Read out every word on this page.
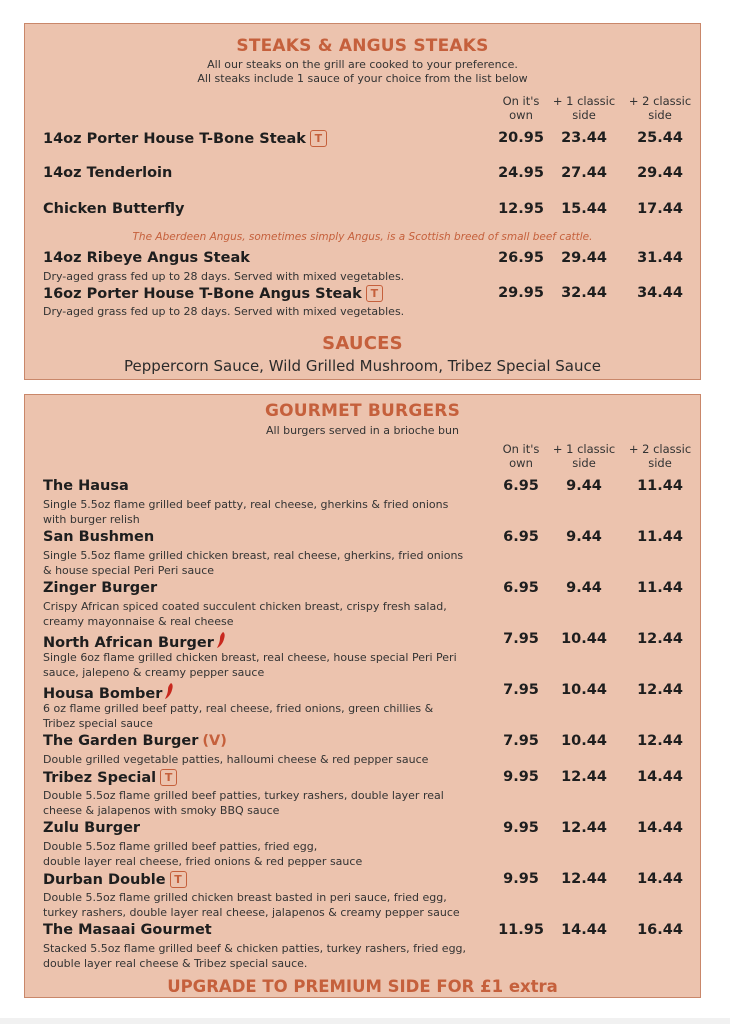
STEAKS & ANGUS STEAKS
All our steaks on the grill are cooked to your preference.
All steaks include 1 sauce of your choice from the list below
On it's
own
+ 1 classic
side
+ 2 classic
side
14oz Porter House T-Bone Steak T	20.95	23.44	25.44
14oz Tenderloin	24.95	27.44	29.44
Chicken Butterfly	12.95	15.44	17.44
The Aberdeen Angus, sometimes simply Angus, is a Scottish breed of small beef cattle.
14oz Ribeye Angus Steak
Dry-aged grass fed up to 28 days. Served with mixed vegetables.
26.95	29.44	31.44
16oz Porter House T-Bone Angus Steak T
Dry-aged grass fed up to 28 days. Served with mixed vegetables.
29.95	32.44	34.44
SAUCES
Peppercorn Sauce, Wild Grilled Mushroom, Tribez Special Sauce
GOURMET BURGERS
All burgers served in a brioche bun
On it's
own
+ 1 classic
side
+ 2 classic
side
The Hausa
Single 5.5oz flame grilled beef patty, real cheese, gherkins & fried onions
with burger relish
6.95	9.44	11.44
San Bushmen
Single 5.5oz flame grilled chicken breast, real cheese, gherkins, fried onions
& house special Peri Peri sauce
6.95	9.44	11.44
Zinger Burger
Crispy African spiced coated succulent chicken breast, crispy fresh salad,
creamy mayonnaise & real cheese
6.95	9.44	11.44
North African Burger
Single 6oz flame grilled chicken breast, real cheese, house special Peri Peri
sauce, jalepeno & creamy pepper sauce
7.95	10.44	12.44
Housa Bomber
6 oz flame grilled beef patty, real cheese, fried onions, green chillies &
Tribez special sauce
7.95	10.44	12.44
The Garden Burger (V)
Double grilled vegetable patties, halloumi cheese & red pepper sauce
7.95	10.44	12.44
Tribez Special T
Double 5.5oz flame grilled beef patties, turkey rashers, double layer real
cheese & jalapenos with smoky BBQ sauce
9.95	12.44	14.44
Zulu Burger
Double 5.5oz flame grilled beef patties, fried egg,
double layer real cheese, fried onions & red pepper sauce
9.95	12.44	14.44
Durban Double T
Double 5.5oz flame grilled chicken breast basted in peri sauce, fried egg,
turkey rashers, double layer real cheese, jalapenos & creamy pepper sauce
9.95	12.44	14.44
The Masaai Gourmet
Stacked 5.5oz flame grilled beef & chicken patties, turkey rashers, fried egg,
double layer real cheese & Tribez special sauce.
11.95	14.44	16.44
UPGRADE TO PREMIUM SIDE FOR £1 extra
